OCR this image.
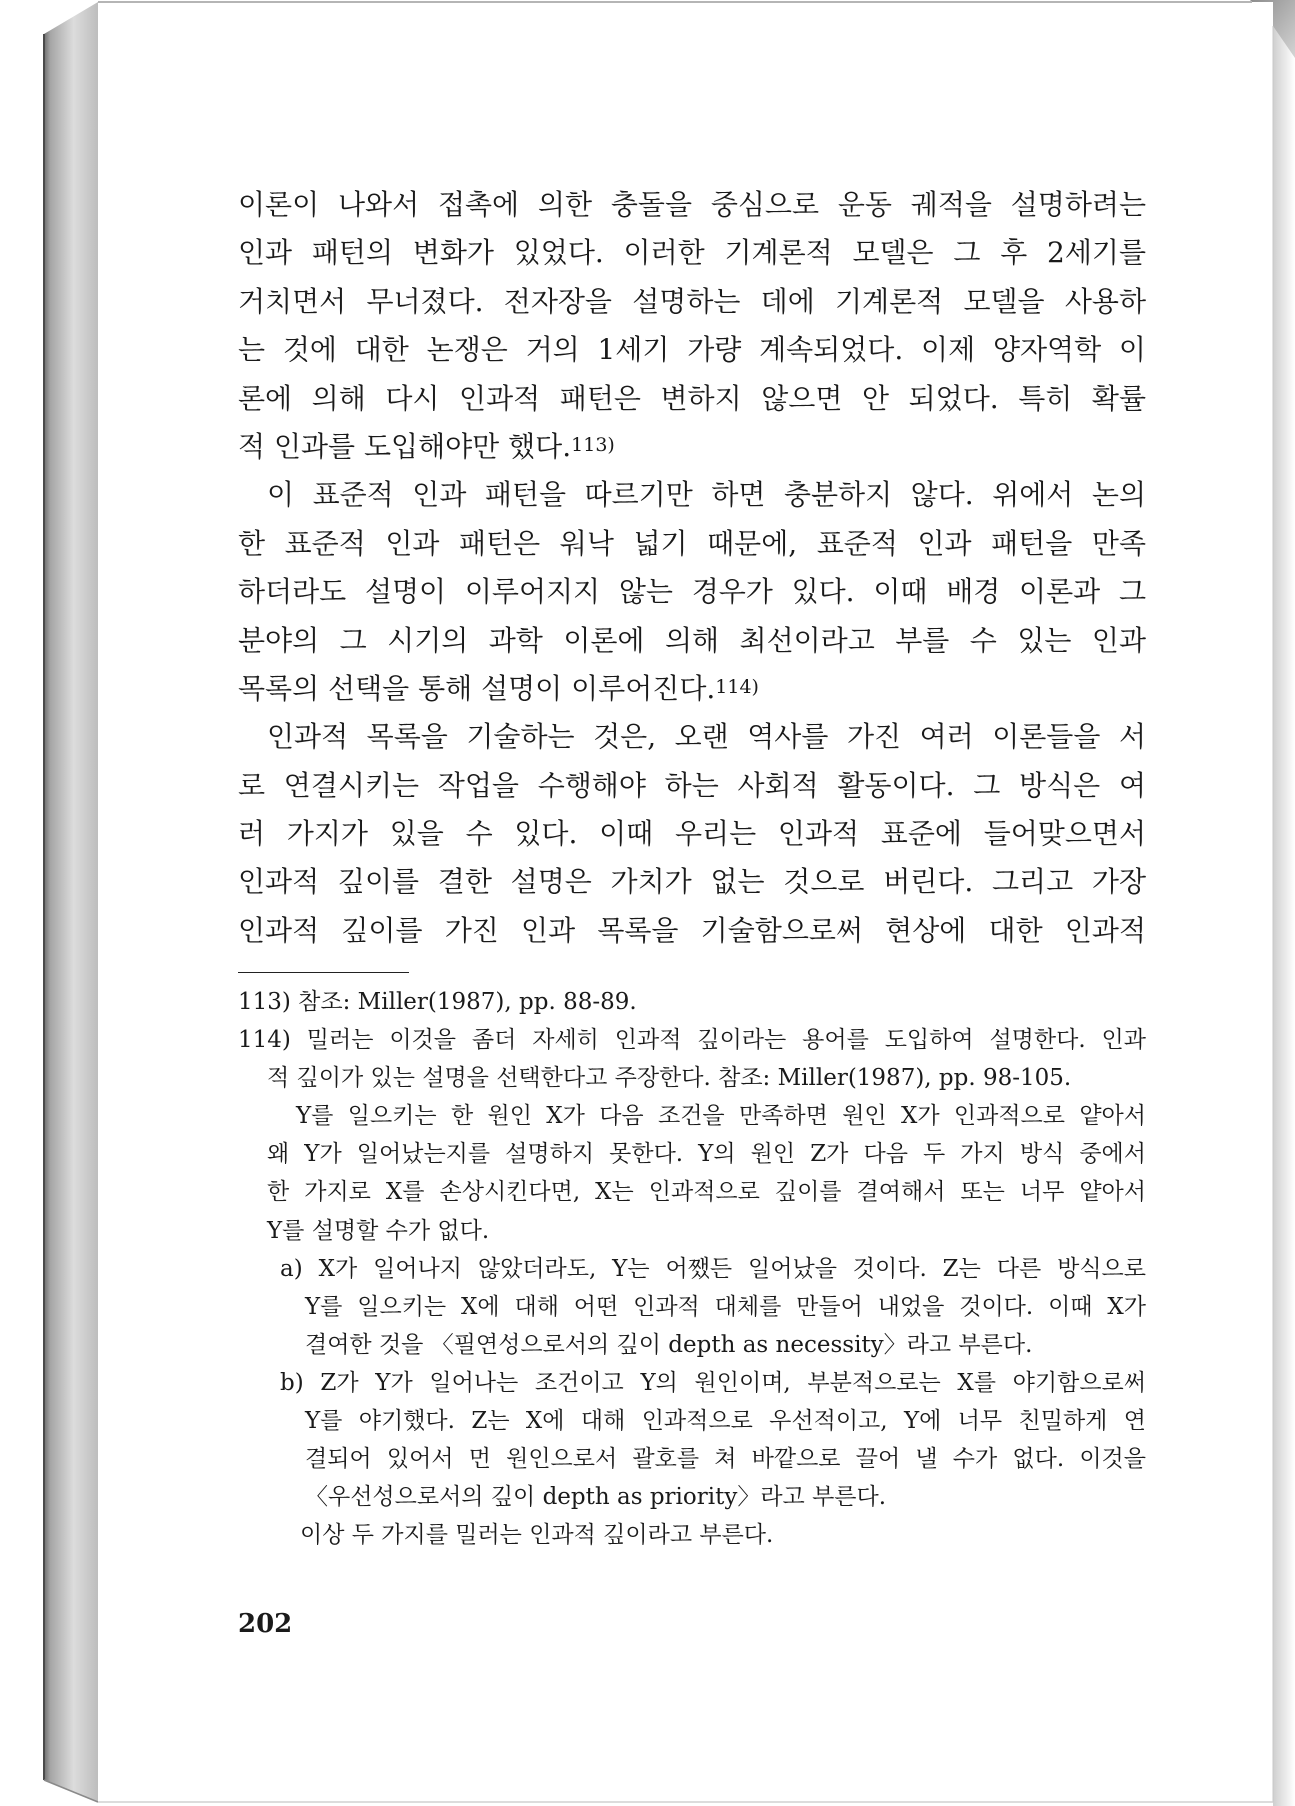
이론이 나와서 접촉에 의한 충돌을 중심으로 운동 궤적을 설명하려는
인과 패턴의 변화가 있었다. 이러한 기계론적 모델은 그 후 2세기를
거치면서 무너졌다. 전자장을 설명하는 데에 기계론적 모델을 사용하
는 것에 대한 논쟁은 거의 1세기 가량 계속되었다. 이제 양자역학 이
론에 의해 다시 인과적 패턴은 변하지 않으면 안 되었다. 특히 확률
적 인과를 도입해야만 했다.113)
이 표준적 인과 패턴을 따르기만 하면 충분하지 않다. 위에서 논의
한 표준적 인과 패턴은 워낙 넓기 때문에, 표준적 인과 패턴을 만족
하더라도 설명이 이루어지지 않는 경우가 있다. 이때 배경 이론과 그
분야의 그 시기의 과학 이론에 의해 최선이라고 부를 수 있는 인과
목록의 선택을 통해 설명이 이루어진다.114)
인과적 목록을 기술하는 것은, 오랜 역사를 가진 여러 이론들을 서
로 연결시키는 작업을 수행해야 하는 사회적 활동이다. 그 방식은 여
러 가지가 있을 수 있다. 이때 우리는 인과적 표준에 들어맞으면서
인과적 깊이를 결한 설명은 가치가 없는 것으로 버린다. 그리고 가장
인과적 깊이를 가진 인과 목록을 기술함으로써 현상에 대한 인과적
113) 참조: Miller(1987), pp. 88-89.
114) 밀러는 이것을 좀더 자세히 인과적 깊이라는 용어를 도입하여 설명한다. 인과
적 깊이가 있는 설명을 선택한다고 주장한다. 참조: Miller(1987), pp. 98-105.
Y를 일으키는 한 원인 X가 다음 조건을 만족하면 원인 X가 인과적으로 얕아서
왜 Y가 일어났는지를 설명하지 못한다. Y의 원인 Z가 다음 두 가지 방식 중에서
한 가지로 X를 손상시킨다면, X는 인과적으로 깊이를 결여해서 또는 너무 얕아서
Y를 설명할 수가 없다.
a) X가 일어나지 않았더라도, Y는 어쨌든 일어났을 것이다. Z는 다른 방식으로
Y를 일으키는 X에 대해 어떤 인과적 대체를 만들어 내었을 것이다. 이때 X가
결여한 것을 〈필연성으로서의 깊이 depth as necessity〉라고 부른다.
b) Z가 Y가 일어나는 조건이고 Y의 원인이며, 부분적으로는 X를 야기함으로써
Y를 야기했다. Z는 X에 대해 인과적으로 우선적이고, Y에 너무 친밀하게 연
결되어 있어서 먼 원인으로서 괄호를 쳐 바깥으로 끌어 낼 수가 없다. 이것을
〈우선성으로서의 깊이 depth as priority〉라고 부른다.
이상 두 가지를 밀러는 인과적 깊이라고 부른다.
202
